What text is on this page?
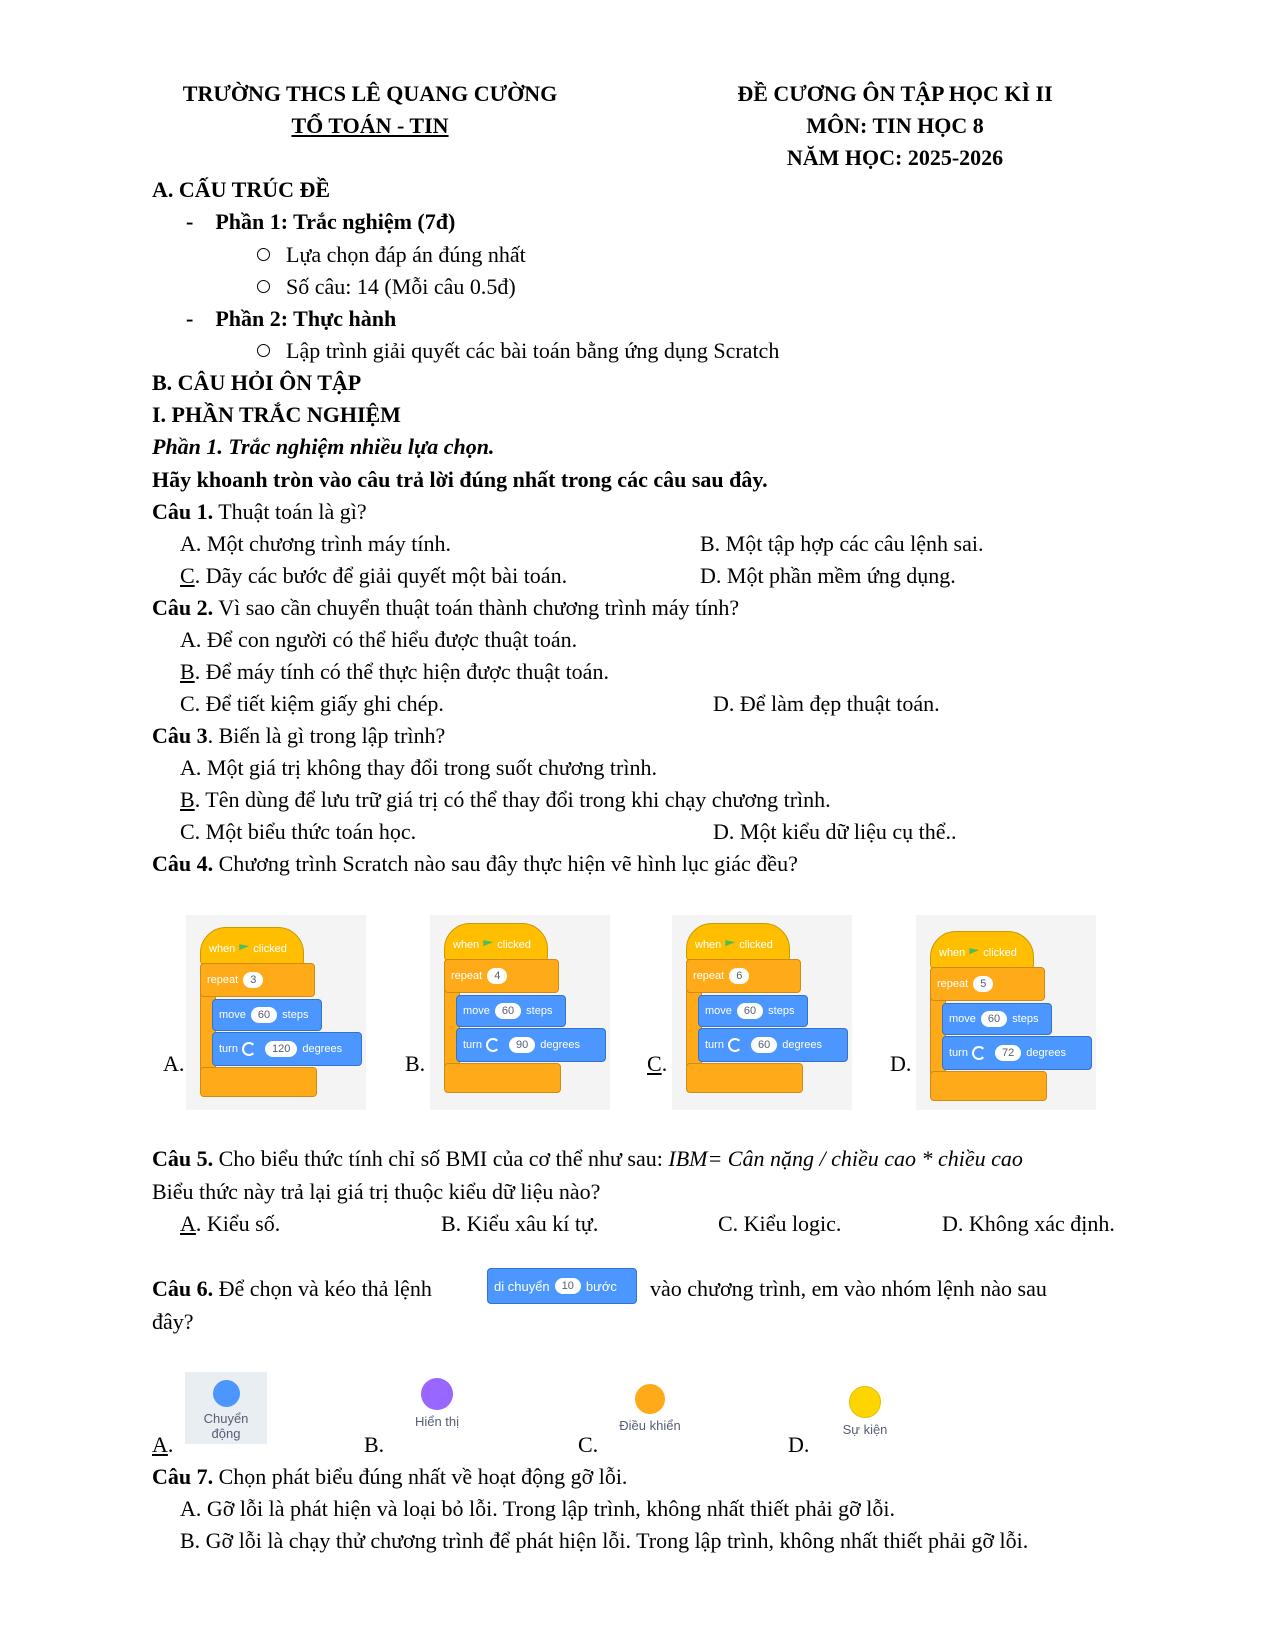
TRƯỜNG THCS LÊ QUANG CƯỜNG
TỔ TOÁN - TIN
ĐỀ CƯƠNG ÔN TẬP HỌC KÌ II
MÔN: TIN HỌC 8
NĂM HỌC: 2025-2026
A. CẤU TRÚC ĐỀ
- Phần 1: Trắc nghiệm (7đ)
Lựa chọn đáp án đúng nhất
Số câu: 14 (Mỗi câu 0.5đ)
- Phần 2: Thực hành
Lập trình giải quyết các bài toán bằng ứng dụng Scratch
B. CÂU HỎI ÔN TẬP
I. PHẦN TRẮC NGHIỆM
Phần 1. Trắc nghiệm nhiều lựa chọn.
Hãy khoanh tròn vào câu trả lời đúng nhất trong các câu sau đây.
Câu 1. Thuật toán là gì?
A. Một chương trình máy tính.	B. Một tập hợp các câu lệnh sai.
C. Dãy các bước để giải quyết một bài toán.	D. Một phần mềm ứng dụng.
Câu 2. Vì sao cần chuyển thuật toán thành chương trình máy tính?
A. Để con người có thể hiểu được thuật toán.
B. Để máy tính có thể thực hiện được thuật toán.
C. Để tiết kiệm giấy ghi chép.	D. Để làm đẹp thuật toán.
Câu 3. Biến là gì trong lập trình?
A. Một giá trị không thay đổi trong suốt chương trình.
B. Tên dùng để lưu trữ giá trị có thể thay đổi trong khi chạy chương trình.
C. Một biểu thức toán học.	D. Một kiểu dữ liệu cụ thể..
Câu 4. Chương trình Scratch nào sau đây thực hiện vẽ hình lục giác đều?
A.	B.	C.	D.
when clicked
repeat	3
move	60	steps
turn	120	degrees
when clicked
repeat	4
move	60	steps
turn	90	degrees
when clicked
repeat	6
move	60	steps
turn	60	degrees
when clicked
repeat	5
move	60	steps
turn	72	degrees
Câu 5. Cho biểu thức tính chỉ số BMI của cơ thể như sau: IBM= Cân nặng / chiều cao * chiều cao
Biểu thức này trả lại giá trị thuộc kiểu dữ liệu nào?
A. Kiểu số.	B. Kiểu xâu kí tự.	C. Kiểu logic.	D. Không xác định.
Câu 6. Để chọn và kéo thả lệnh	di chuyển	10 bước vào chương trình, em vào nhóm lệnh nào sau
đây?
A.
Chuyển
động	B.
Hiển thị
C.
Điều khiển
D.
Sự kiện
Câu 7. Chọn phát biểu đúng nhất về hoạt động gỡ lỗi.
A. Gỡ lỗi là phát hiện và loại bỏ lỗi. Trong lập trình, không nhất thiết phải gỡ lỗi.
B. Gỡ lỗi là chạy thử chương trình để phát hiện lỗi. Trong lập trình, không nhất thiết phải gỡ lỗi.
